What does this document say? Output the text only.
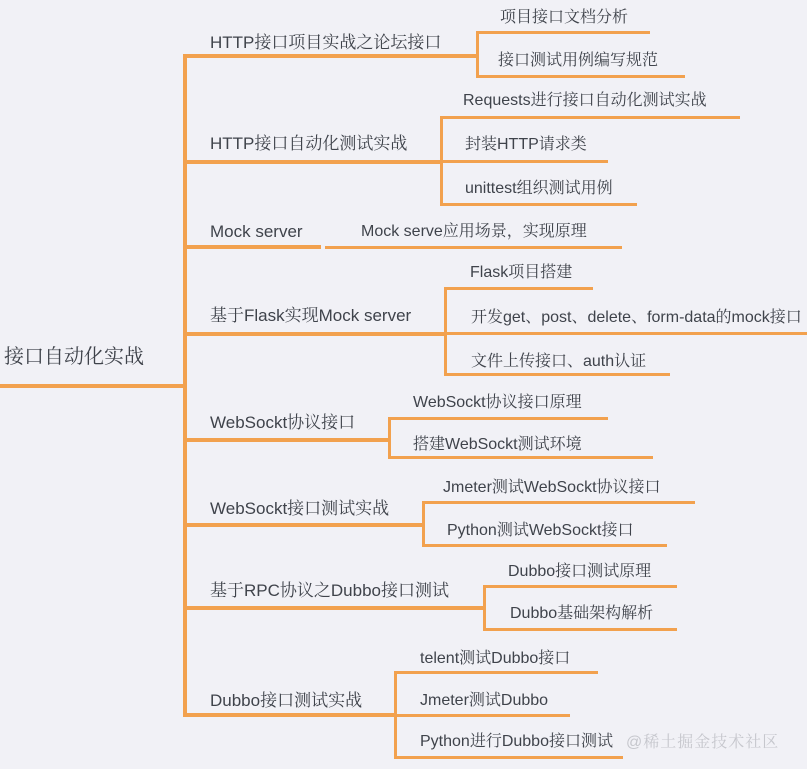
接口自动化实战
HTTP接口项目实战之论坛接口
HTTP接口自动化测试实战
Mock server
基于Flask实现Mock server
WebSockt协议接口
WebSockt接口测试实战
基于RPC协议之Dubbo接口测试
Dubbo接口测试实战
项目接口文档分析
接口测试用例编写规范
Requests进行接口自动化测试实战
封装HTTP请求类
unittest组织测试用例
Mock serve应用场景，实现原理
Flask项目搭建
开发get、post、delete、form-data的mock接口
文件上传接口、auth认证
WebSockt协议接口原理
搭建WebSockt测试环境
Jmeter测试WebSockt协议接口
Python测试WebSockt接口
Dubbo接口测试原理
Dubbo基础架构解析
telent测试Dubbo接口
Jmeter测试Dubbo
Python进行Dubbo接口测试 @稀土掘金技术社区
